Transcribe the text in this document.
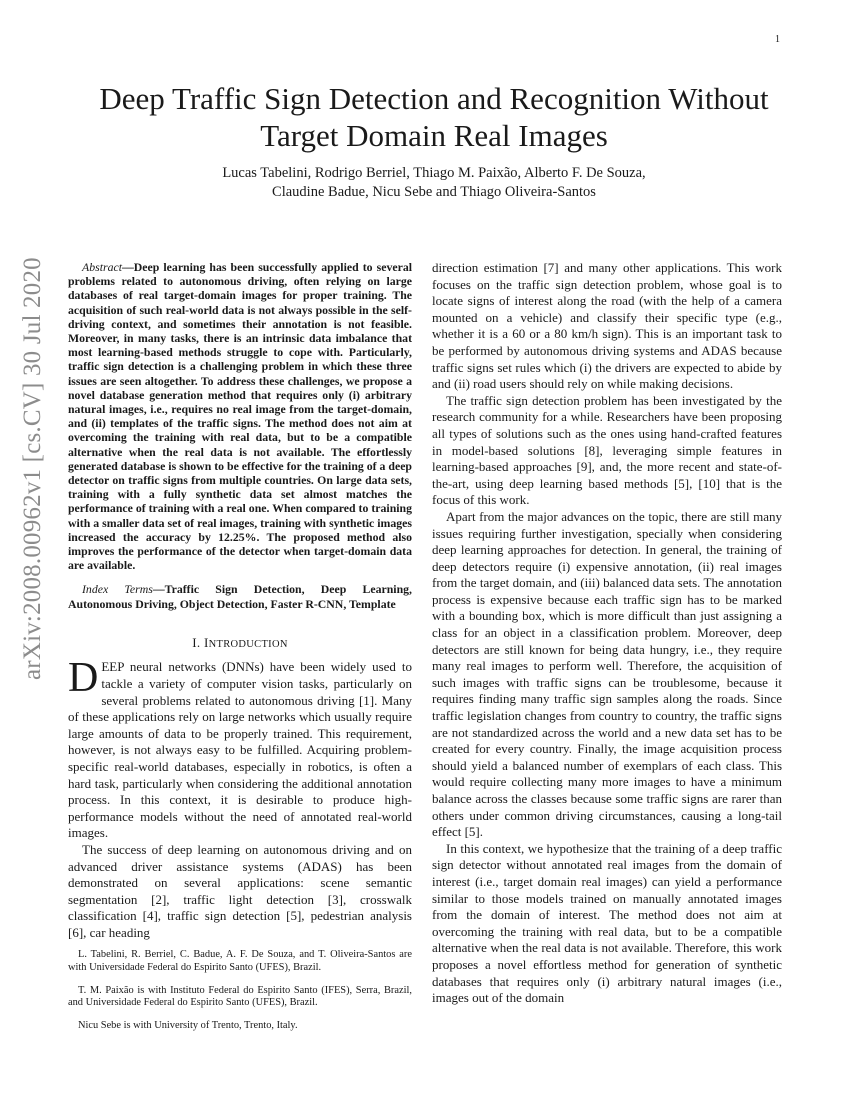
1
arXiv:2008.00962v1 [cs.CV] 30 Jul 2020
Deep Traffic Sign Detection and Recognition Without Target Domain Real Images
Lucas Tabelini, Rodrigo Berriel, Thiago M. Paixão, Alberto F. De Souza,
Claudine Badue, Nicu Sebe and Thiago Oliveira-Santos

Abstract—Deep learning has been successfully applied to several problems related to autonomous driving, often relying on large databases of real target-domain images for proper training. The acquisition of such real-world data is not always possible in the self-driving context, and sometimes their annotation is not feasible. Moreover, in many tasks, there is an intrinsic data imbalance that most learning-based methods struggle to cope with. Particularly, traffic sign detection is a challenging problem in which these three issues are seen altogether. To address these challenges, we propose a novel database generation method that requires only (i) arbitrary natural images, i.e., requires no real image from the target-domain, and (ii) templates of the traffic signs. The method does not aim at overcoming the training with real data, but to be a compatible alternative when the real data is not available. The effortlessly generated database is shown to be effective for the training of a deep detector on traffic signs from multiple countries. On large data sets, training with a fully synthetic data set almost matches the performance of training with a real one. When compared to training with a smaller data set of real images, training with synthetic images increased the accuracy by 12.25%. The proposed method also improves the performance of the detector when target-domain data are available.

Index Terms—Traffic Sign Detection, Deep Learning, Autonomous Driving, Object Detection, Faster R-CNN, Template

I. INTRODUCTION

DEEP neural networks (DNNs) have been widely used to tackle a variety of computer vision tasks, particularly on several problems related to autonomous driving [1]. Many of these applications rely on large networks which usually require large amounts of data to be properly trained. This requirement, however, is not always easy to be fulfilled. Acquiring problem-specific real-world databases, especially in robotics, is often a hard task, particularly when considering the additional annotation process. In this context, it is desirable to produce high-performance models without the need of annotated real-world images.

The success of deep learning on autonomous driving and on advanced driver assistance systems (ADAS) has been demonstrated on several applications: scene semantic segmentation [2], traffic light detection [3], crosswalk classification [4], traffic sign detection [5], pedestrian analysis [6], car heading

L. Tabelini, R. Berriel, C. Badue, A. F. De Souza, and T. Oliveira-Santos are with Universidade Federal do Espirito Santo (UFES), Brazil.

T. M. Paixão is with Instituto Federal do Espirito Santo (IFES), Serra, Brazil, and Universidade Federal do Espirito Santo (UFES), Brazil.

Nicu Sebe is with University of Trento, Trento, Italy.

direction estimation [7] and many other applications. This work focuses on the traffic sign detection problem, whose goal is to locate signs of interest along the road (with the help of a camera mounted on a vehicle) and classify their specific type (e.g., whether it is a 60 or a 80 km/h sign). This is an important task to be performed by autonomous driving systems and ADAS because traffic signs set rules which (i) the drivers are expected to abide by and (ii) road users should rely on while making decisions.

The traffic sign detection problem has been investigated by the research community for a while. Researchers have been proposing all types of solutions such as the ones using hand-crafted features in model-based solutions [8], leveraging simple features in learning-based approaches [9], and, the more recent and state-of-the-art, using deep learning based methods [5], [10] that is the focus of this work.

Apart from the major advances on the topic, there are still many issues requiring further investigation, specially when considering deep learning approaches for detection. In general, the training of deep detectors require (i) expensive annotation, (ii) real images from the target domain, and (iii) balanced data sets. The annotation process is expensive because each traffic sign has to be marked with a bounding box, which is more difficult than just assigning a class for an object in a classification problem. Moreover, deep detectors are still known for being data hungry, i.e., they require many real images to perform well. Therefore, the acquisition of such images with traffic signs can be troublesome, because it requires finding many traffic sign samples along the roads. Since traffic legislation changes from country to country, the traffic signs are not standardized across the world and a new data set has to be created for every country. Finally, the image acquisition process should yield a balanced number of exemplars of each class. This would require collecting many more images to have a minimum balance across the classes because some traffic signs are rarer than others under common driving circumstances, causing a long-tail effect [5].

In this context, we hypothesize that the training of a deep traffic sign detector without annotated real images from the domain of interest (i.e., target domain real images) can yield a performance similar to those models trained on manually annotated images from the domain of interest. The method does not aim at overcoming the training with real data, but to be a compatible alternative when the real data is not available. Therefore, this work proposes a novel effortless method for generation of synthetic databases that requires only (i) arbitrary natural images (i.e., images out of the domain
